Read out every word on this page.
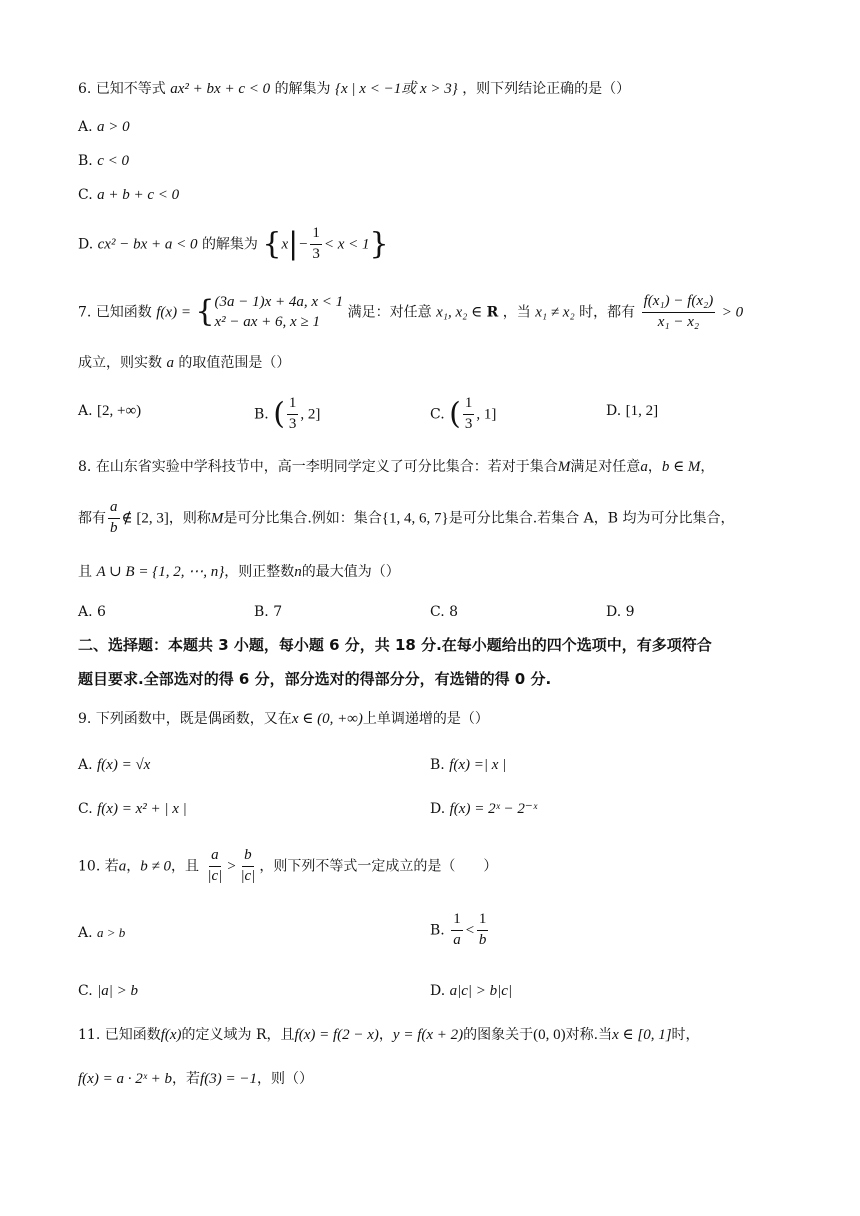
6. 已知不等式 ax² + bx + c < 0 的解集为 {x | x < −1或 x > 3} ，则下列结论正确的是（）
A. a > 0
B. c < 0
C. a + b + c < 0
D. cx² − bx + a < 0 的解集为 $\{x|- \frac{1}{3} < x < 1\}$
7. 已知函数 f(x) = { (3a − 1)x + 4a, x < 1
x² − ax + 6, x ≥ 1
满足：对任意 x₁, x₂ ∈ R ，当 x₁ ≠ x₂ 时，都有 $\frac{\text{f(x₁) − f(x₂)}}{\text{x₁ − x₂}} > 0$
成立，则实数 a 的取值范围是（）
A. [2, +∞)	B. ( $\frac{1}{3}$ , 2]	C. ( $\frac{1}{3}$ , 1]	D. [1, 2]
8. 在山东省实验中学科技节中，高一李明同学定义了可分比集合：若对于集合M满足对任意a，b ∈ M，
都有 $\frac{a}{b}$ ∉ [2, 3]，则称M是可分比集合.例如：集合{1, 4, 6, 7}是可分比集合.若集合 A，B 均为可分比集合，
且 A ∪ B = {1, 2, ⋯, n}，则正整数n的最大值为（）
A. 6	B. 7	C. 8	D. 9
二、选择题：本题共 3 小题，每小题 6 分，共 18 分.在每小题给出的四个选项中，有多项符合
题目要求.全部选对的得 6 分，部分选对的得部分分，有选错的得 0 分.
9. 下列函数中，既是偶函数，又在x ∈ (0, +∞)上单调递增的是（）
A. f(x) = √x	B. f(x) =| x |
C. f(x) = x² + | x |	D. f(x) = 2ˣ − 2⁻ˣ
10. 若a，b ≠ 0，且 $\frac{a}{|c|} > \frac{b}{|c|}$ ，则下列不等式一定成立的是（　　）
A. a > b	B. $\frac{1}{a} < \frac{1}{b}$
C. |a| > b	D. a|c| > b|c|
11. 已知函数f(x)的定义域为 R，且f(x) = f(2 − x)，y = f(x + 2)的图象关于(0, 0)对称.当x ∈ [0, 1]时，
f(x) = a · 2ˣ + b，若f(3) = −1，则（）
